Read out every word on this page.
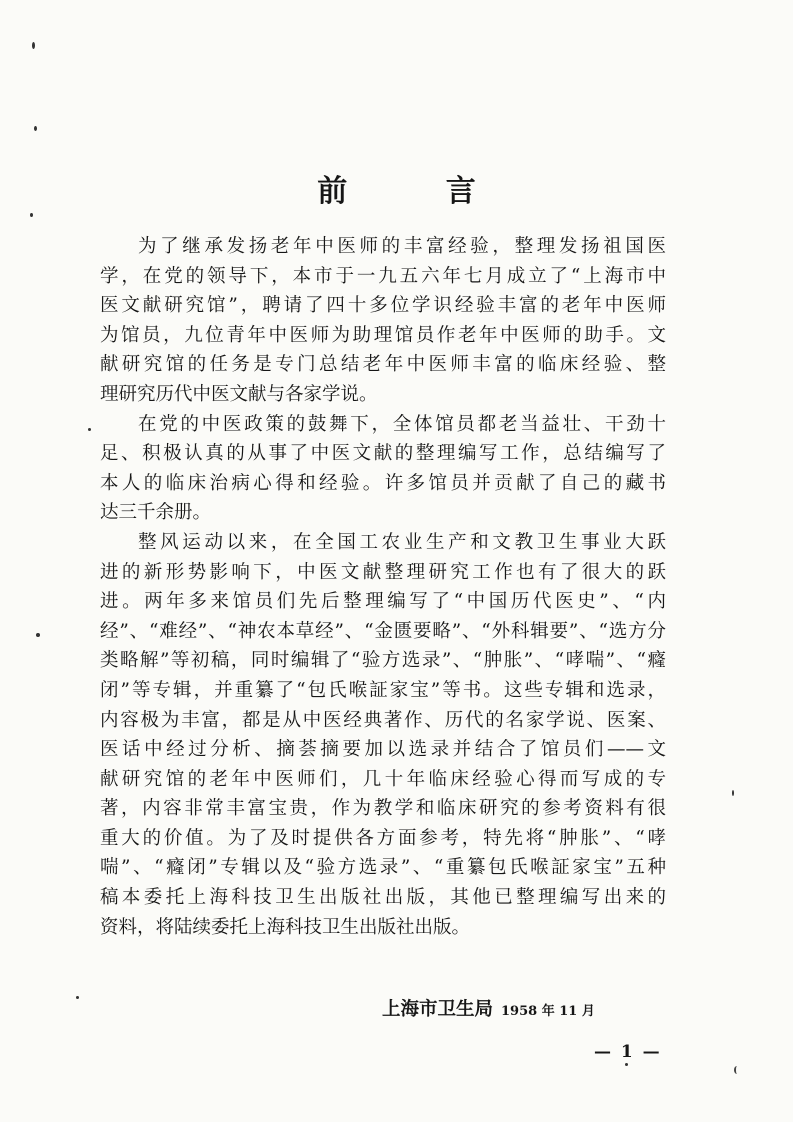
前 言
为了继承发扬老年中医师的丰富经验，整理发扬祖国医
学，在党的领导下，本市于一九五六年七月成立了“上海市中
医文献研究馆”，聘请了四十多位学识经验丰富的老年中医师
为馆员，九位青年中医师为助理馆员作老年中医师的助手。文
献研究馆的任务是专门总结老年中医师丰富的临床经验、整
理研究历代中医文献与各家学说。
在党的中医政策的鼓舞下，全体馆员都老当益壮、干劲十
足、积极认真的从事了中医文献的整理编写工作，总结编写了
本人的临床治病心得和经验。许多馆员并贡献了自己的藏书
达三千余册。
整风运动以来，在全国工农业生产和文教卫生事业大跃
进的新形势影响下，中医文献整理研究工作也有了很大的跃
进。两年多来馆员们先后整理编写了“中国历代医史”、“内
经”、“难经”、“神农本草经”、“金匮要略”、“外科辑要”、“选方分
类略解”等初稿，同时编辑了“验方选录”、“肿胀”、“哮喘”、“癃
闭”等专辑，并重纂了“包氏喉証家宝”等书。这些专辑和选录，
内容极为丰富，都是从中医经典著作、历代的名家学说、医案、
医话中经过分析、摘荟摘要加以选录并结合了馆员们——文
献研究馆的老年中医师们，几十年临床经验心得而写成的专
著，内容非常丰富宝贵，作为教学和临床研究的参考资料有很
重大的价值。为了及时提供各方面参考，特先将“肿胀”、“哮
喘”、“癃闭”专辑以及“验方选录”、“重纂包氏喉証家宝”五种
稿本委托上海科技卫生出版社出版，其他已整理编写出来的
资料，将陆续委托上海科技卫生出版社出版。
上海市卫生局 1958 年 11 月
— 1 —
